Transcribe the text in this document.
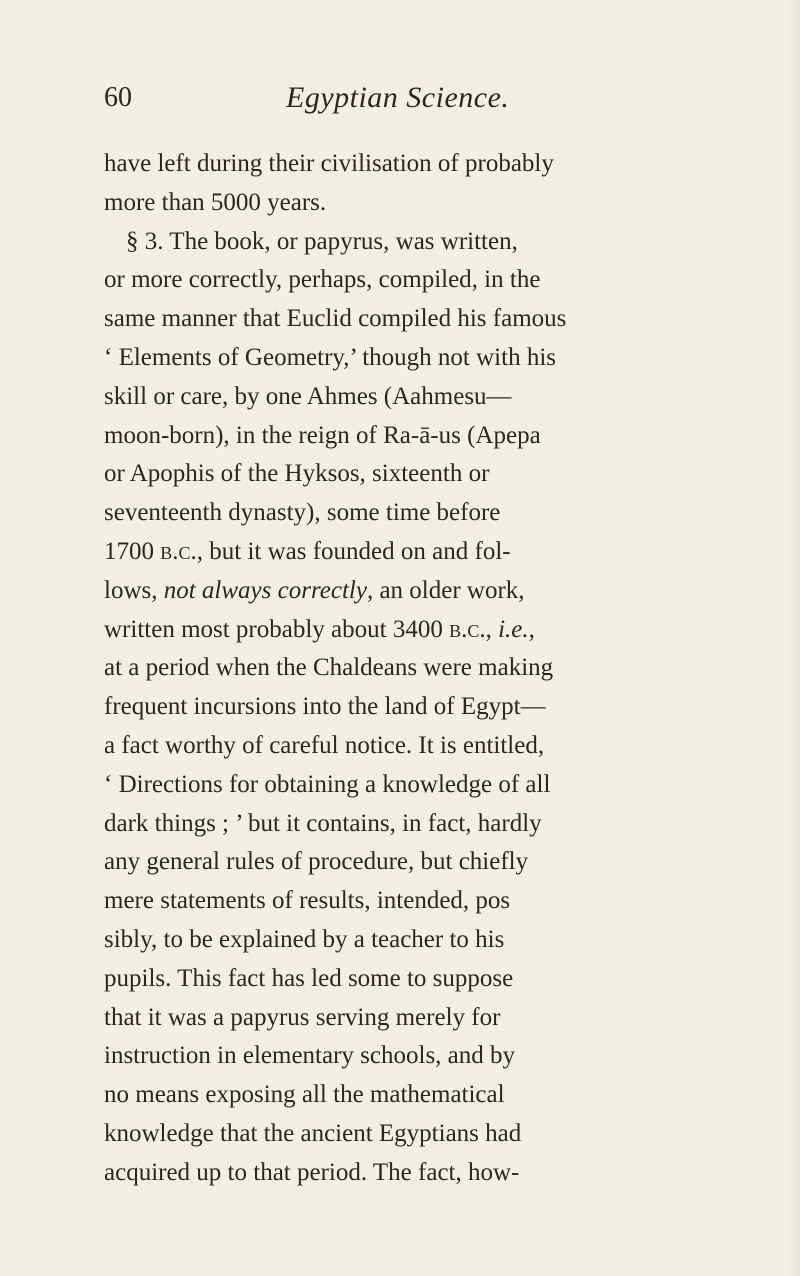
60	Egyptian Science.
have left during their civilisation of probably
more than 5000 years.
§ 3. The book, or papyrus, was written,
or more correctly, perhaps, compiled, in the
same manner that Euclid compiled his famous
‘ Elements of Geometry,’ though not with his
skill or care, by one Ahmes (Aahmesu—
moon-born), in the reign of Ra-ā-us (Apepa
or Apophis of the Hyksos, sixteenth or
seventeenth dynasty), some time before
1700 b.c., but it was founded on and fol-
lows, not always correctly, an older work,
written most probably about 3400 b.c., i.e.,
at a period when the Chaldeans were making
frequent incursions into the land of Egypt—
a fact worthy of careful notice. It is entitled,
‘ Directions for obtaining a knowledge of all
dark things ; ’ but it contains, in fact, hardly
any general rules of procedure, but chiefly
mere statements of results, intended, pos
sibly, to be explained by a teacher to his
pupils. This fact has led some to suppose
that it was a papyrus serving merely for
instruction in elementary schools, and by
no means exposing all the mathematical
knowledge that the ancient Egyptians had
acquired up to that period. The fact, how-
